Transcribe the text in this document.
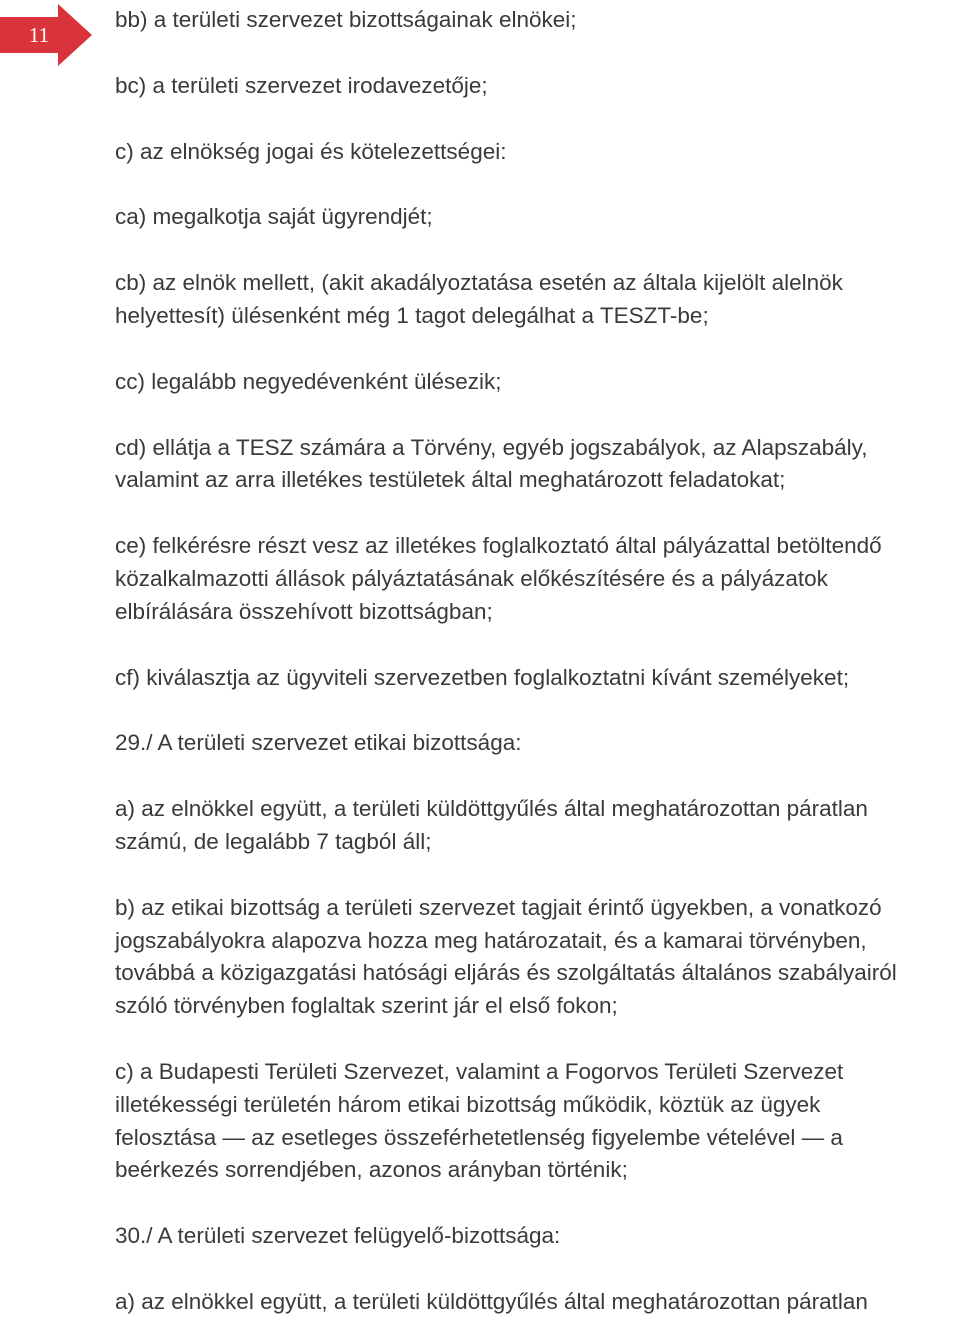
11

bb) a területi szervezet bizottságainak elnökei;

bc) a területi szervezet irodavezetője;

c) az elnökség jogai és kötelezettségei:

ca) megalkotja saját ügyrendjét;

cb) az elnök mellett, (akit akadályoztatása esetén az általa kijelölt alelnök
helyettesít) ülésenként még 1 tagot delegálhat a TESZT-be;

cc) legalább negyedévenként ülésezik;

cd) ellátja a TESZ számára a Törvény, egyéb jogszabályok, az Alapszabály,
valamint az arra illetékes testületek által meghatározott feladatokat;

ce) felkérésre részt vesz az illetékes foglalkoztató által pályázattal betöltendő
közalkalmazotti állások pályáztatásának előkészítésére és a pályázatok
elbírálására összehívott bizottságban;

cf) kiválasztja az ügyviteli szervezetben foglalkoztatni kívánt személyeket;

29./ A területi szervezet etikai bizottsága:

a) az elnökkel együtt, a területi küldöttgyűlés által meghatározottan páratlan
számú, de legalább 7 tagból áll;

b) az etikai bizottság a területi szervezet tagjait érintő ügyekben, a vonatkozó
jogszabályokra alapozva hozza meg határozatait, és a kamarai törvényben,
továbbá a közigazgatási hatósági eljárás és szolgáltatás általános szabályairól
szóló törvényben foglaltak szerint jár el első fokon;

c) a Budapesti Területi Szervezet, valamint a Fogorvos Területi Szervezet
illetékességi területén három etikai bizottság működik, köztük az ügyek
felosztása — az esetleges összeférhetetlenség figyelembe vételével — a
beérkezés sorrendjében, azonos arányban történik;

30./ A területi szervezet felügyelő-bizottsága:

a) az elnökkel együtt, a területi küldöttgyűlés által meghatározottan páratlan
